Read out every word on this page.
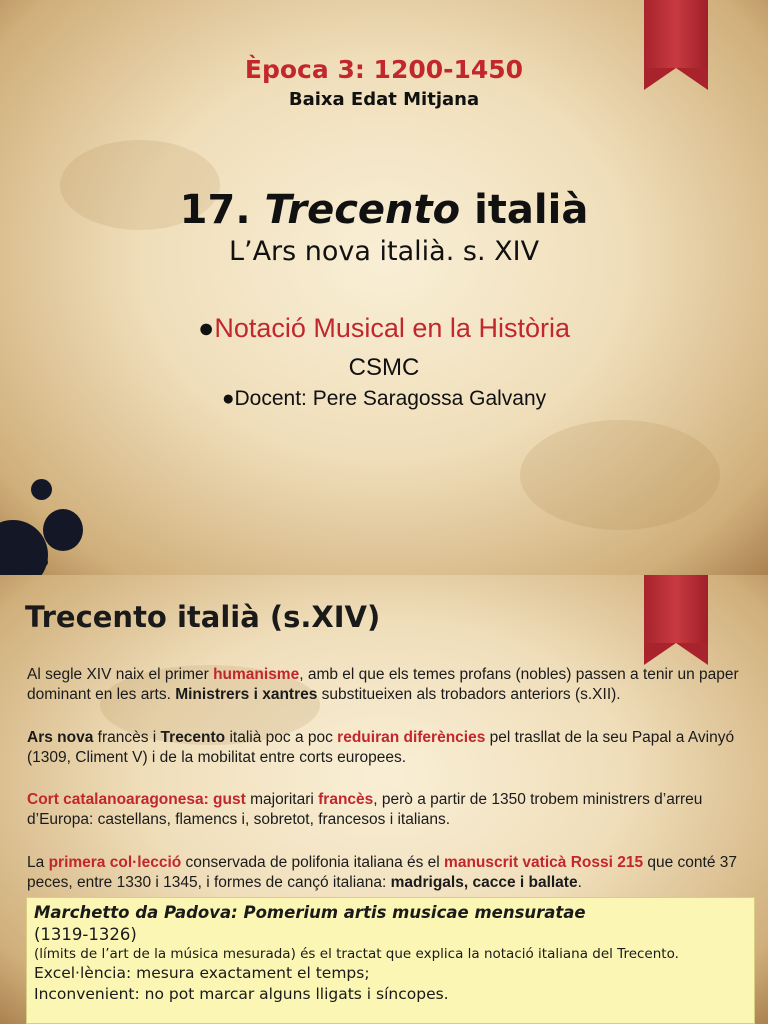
Època 3: 1200-1450
Baixa Edat Mitjana
17. Trecento italià
L’Ars nova italià. s. XIV
●Notació Musical en la Història
CSMC
●Docent: Pere Saragossa Galvany
Trecento italià (s.XIV)
Al segle XIV naix el primer humanisme, amb el que els temes profans (nobles) passen a tenir un paper dominant en les arts. Ministrers i xantres substitueixen als trobadors anteriors (s.XII).
Ars nova francès i Trecento italià poc a poc reduiran diferències pel trasllat de la seu Papal a Avinyó (1309, Climent V) i de la mobilitat entre corts europees.
Cort catalanoaragonesa: gust majoritari francès, però a partir de 1350 trobem ministrers d’arreu d’Europa: castellans, flamencs i, sobretot, francesos i italians.
La primera col·lecció conservada de polifonia italiana és el manuscrit vaticà Rossi 215 que conté 37 peces, entre 1330 i 1345, i formes de cançó italiana: madrigals, cacce i ballate.
Marchetto da Padova: Pomerium artis musicae mensuratae
(1319-1326)
(límits de l’art de la música mesurada) és el tractat que explica la notació italiana del Trecento.
Excel·lència: mesura exactament el temps;
Inconvenient: no pot marcar alguns lligats i síncopes.
